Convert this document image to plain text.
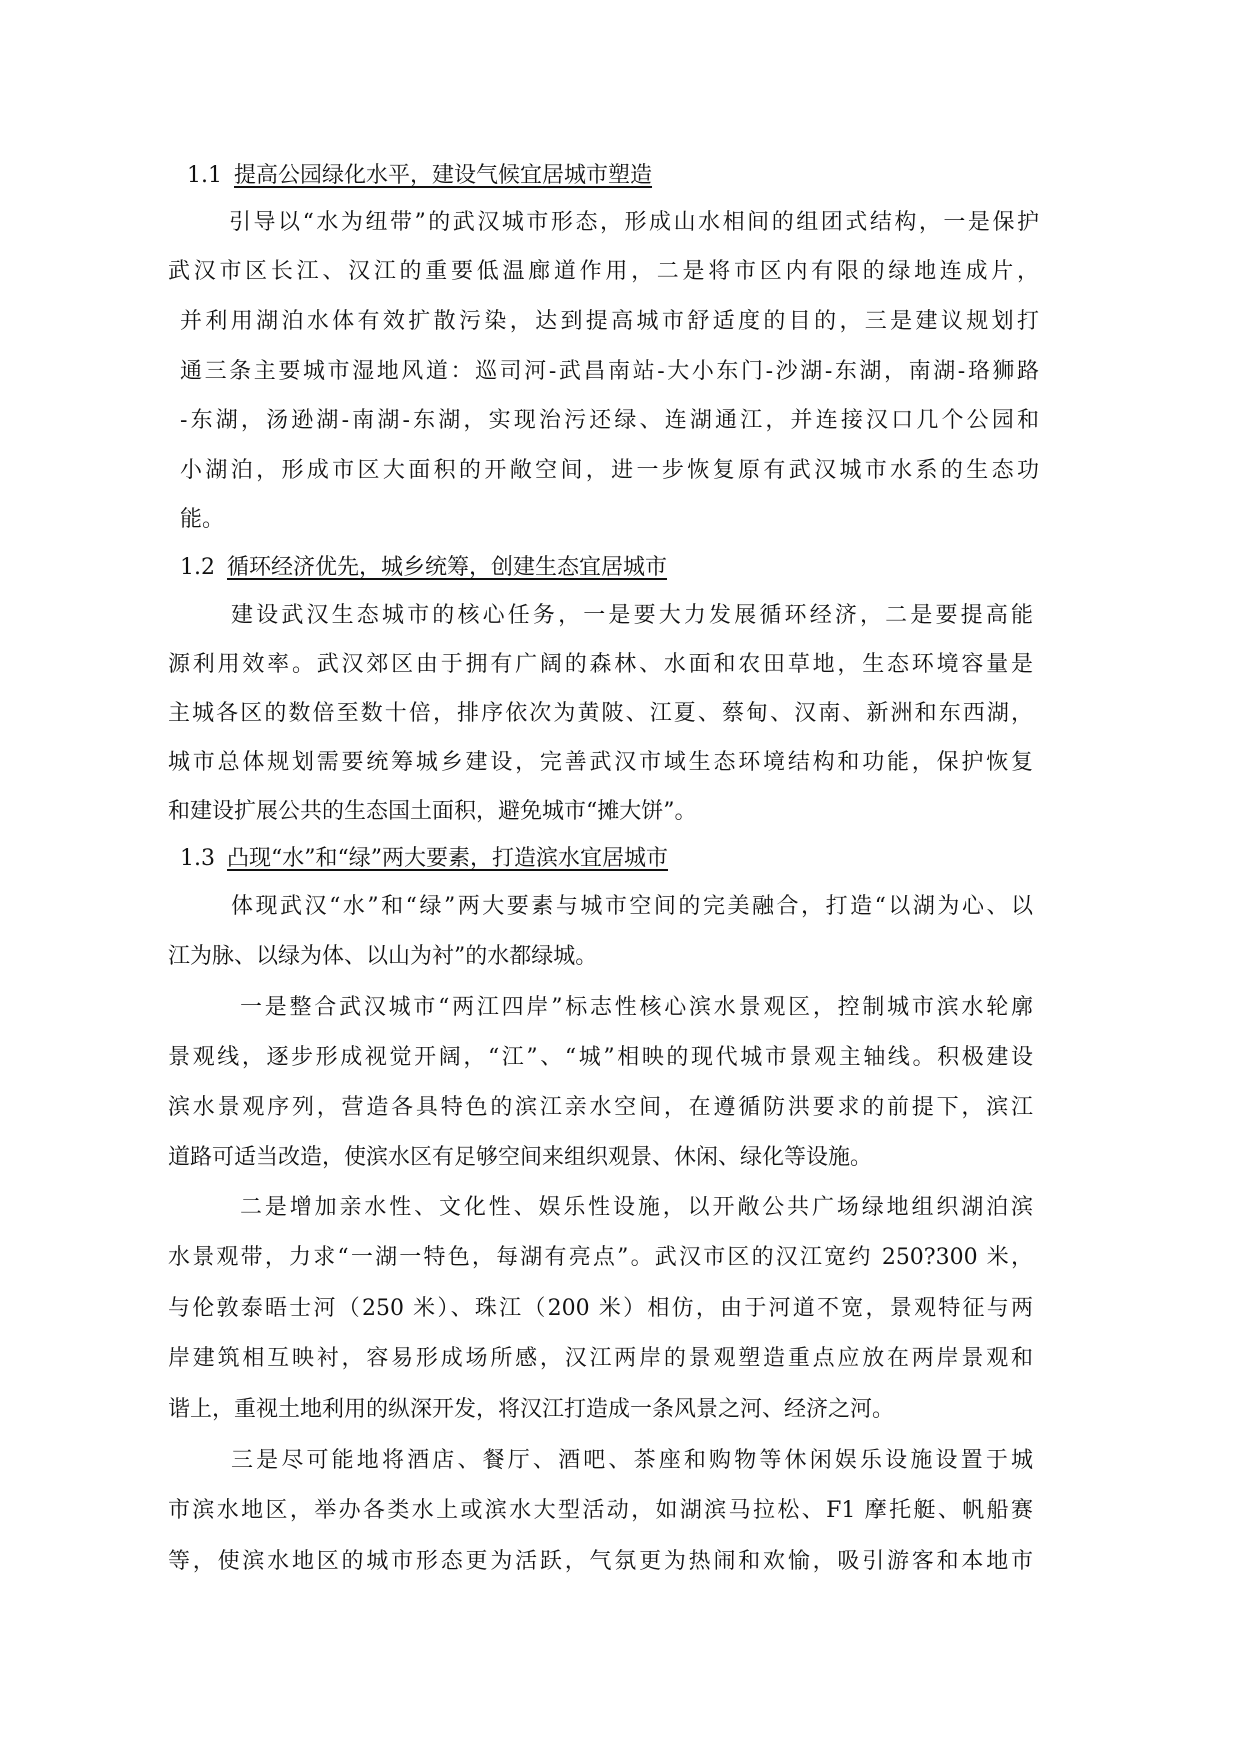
1.1 提高公园绿化水平，建设气候宜居城市塑造
引导以“水为纽带”的武汉城市形态，形成山水相间的组团式结构，一是保护
武汉市区长江、汉江的重要低温廊道作用，二是将市区内有限的绿地连成片，
并利用湖泊水体有效扩散污染，达到提高城市舒适度的目的，三是建议规划打
通三条主要城市湿地风道：巡司河-武昌南站-大小东门-沙湖-东湖，南湖-珞狮路
-东湖，汤逊湖-南湖-东湖，实现治污还绿、连湖通江，并连接汉口几个公园和
小湖泊，形成市区大面积的开敞空间，进一步恢复原有武汉城市水系的生态功
能。
1.2 循环经济优先，城乡统筹，创建生态宜居城市
建设武汉生态城市的核心任务，一是要大力发展循环经济，二是要提高能
源利用效率。武汉郊区由于拥有广阔的森林、水面和农田草地，生态环境容量是
主城各区的数倍至数十倍，排序依次为黄陂、江夏、蔡甸、汉南、新洲和东西湖，
城市总体规划需要统筹城乡建设，完善武汉市域生态环境结构和功能，保护恢复
和建设扩展公共的生态国土面积，避免城市“摊大饼”。
1.3 凸现“水”和“绿”两大要素，打造滨水宜居城市
体现武汉“水”和“绿”两大要素与城市空间的完美融合，打造“以湖为心、以
江为脉、以绿为体、以山为衬”的水都绿城。
一是整合武汉城市“两江四岸”标志性核心滨水景观区，控制城市滨水轮廓
景观线，逐步形成视觉开阔，“江”、“城”相映的现代城市景观主轴线。积极建设
滨水景观序列，营造各具特色的滨江亲水空间，在遵循防洪要求的前提下，滨江
道路可适当改造，使滨水区有足够空间来组织观景、休闲、绿化等设施。
二是增加亲水性、文化性、娱乐性设施，以开敞公共广场绿地组织湖泊滨
水景观带，力求“一湖一特色，每湖有亮点”。武汉市区的汉江宽约 250?300 米，
与伦敦泰晤士河（250 米）、珠江（200 米）相仿，由于河道不宽，景观特征与两
岸建筑相互映衬，容易形成场所感，汉江两岸的景观塑造重点应放在两岸景观和
谐上，重视土地利用的纵深开发，将汉江打造成一条风景之河、经济之河。
三是尽可能地将酒店、餐厅、酒吧、茶座和购物等休闲娱乐设施设置于城
市滨水地区，举办各类水上或滨水大型活动，如湖滨马拉松、F1 摩托艇、帆船赛
等，使滨水地区的城市形态更为活跃，气氛更为热闹和欢愉，吸引游客和本地市
